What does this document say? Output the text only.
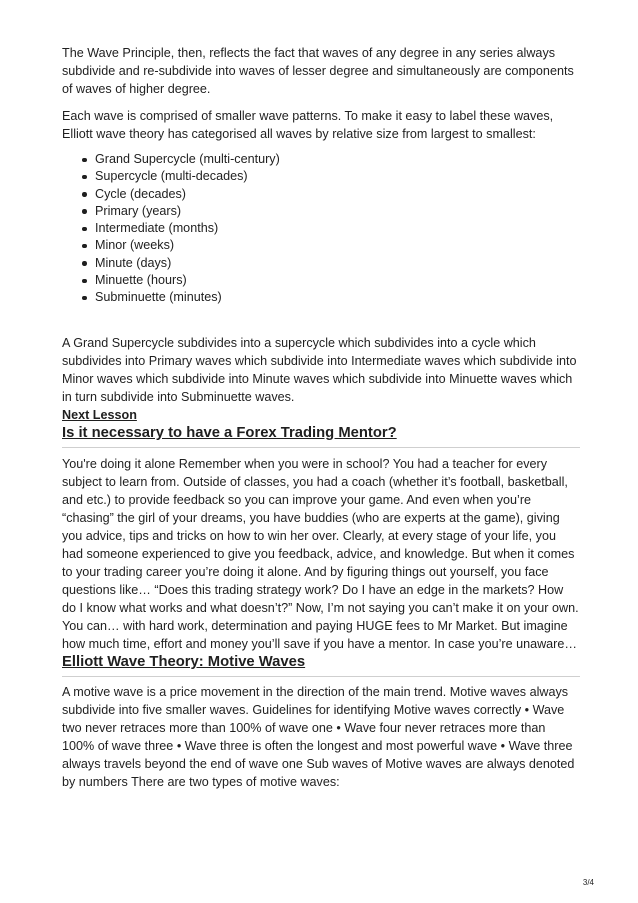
The Wave Principle, then, reflects the fact that waves of any degree in any series always subdivide and re-subdivide into waves of lesser degree and simultaneously are components of waves of higher degree.

Each wave is comprised of smaller wave patterns. To make it easy to label these waves, Elliott wave theory has categorised all waves by relative size from largest to smallest:

Grand Supercycle (multi-century)
Supercycle (multi-decades)
Cycle (decades)
Primary (years)
Intermediate (months)
Minor (weeks)
Minute (days)
Minuette (hours)
Subminuette (minutes)

A Grand Supercycle subdivides into a supercycle which subdivides into a cycle which subdivides into Primary waves which subdivide into Intermediate waves which subdivide into Minor waves which subdivide into Minute waves which subdivide into Minuette waves which in turn subdivide into Subminuette waves.

Next Lesson
Is it necessary to have a Forex Trading Mentor?

You're doing it alone Remember when you were in school? You had a teacher for every subject to learn from. Outside of classes, you had a coach (whether it’s football, basketball, and etc.) to provide feedback so you can improve your game. And even when you’re “chasing” the girl of your dreams, you have buddies (who are experts at the game), giving you advice, tips and tricks on how to win her over. Clearly, at every stage of your life, you had someone experienced to give you feedback, advice, and knowledge. But when it comes to your trading career you’re doing it alone. And by figuring things out yourself, you face questions like… “Does this trading strategy work? Do I have an edge in the markets? How do I know what works and what doesn’t?” Now, I’m not saying you can’t make it on your own. You can… with hard work, determination and paying HUGE fees to Mr Market. But imagine how much time, effort and money you’ll save if you have a mentor. In case you’re unaware…

Elliott Wave Theory: Motive Waves

A motive wave is a price movement in the direction of the main trend. Motive waves always subdivide into five smaller waves. Guidelines for identifying Motive waves correctly • Wave two never retraces more than 100% of wave one • Wave four never retraces more than 100% of wave three • Wave three is often the longest and most powerful wave • Wave three always travels beyond the end of wave one Sub waves of Motive waves are always denoted by numbers There are two types of motive waves:

3/4
